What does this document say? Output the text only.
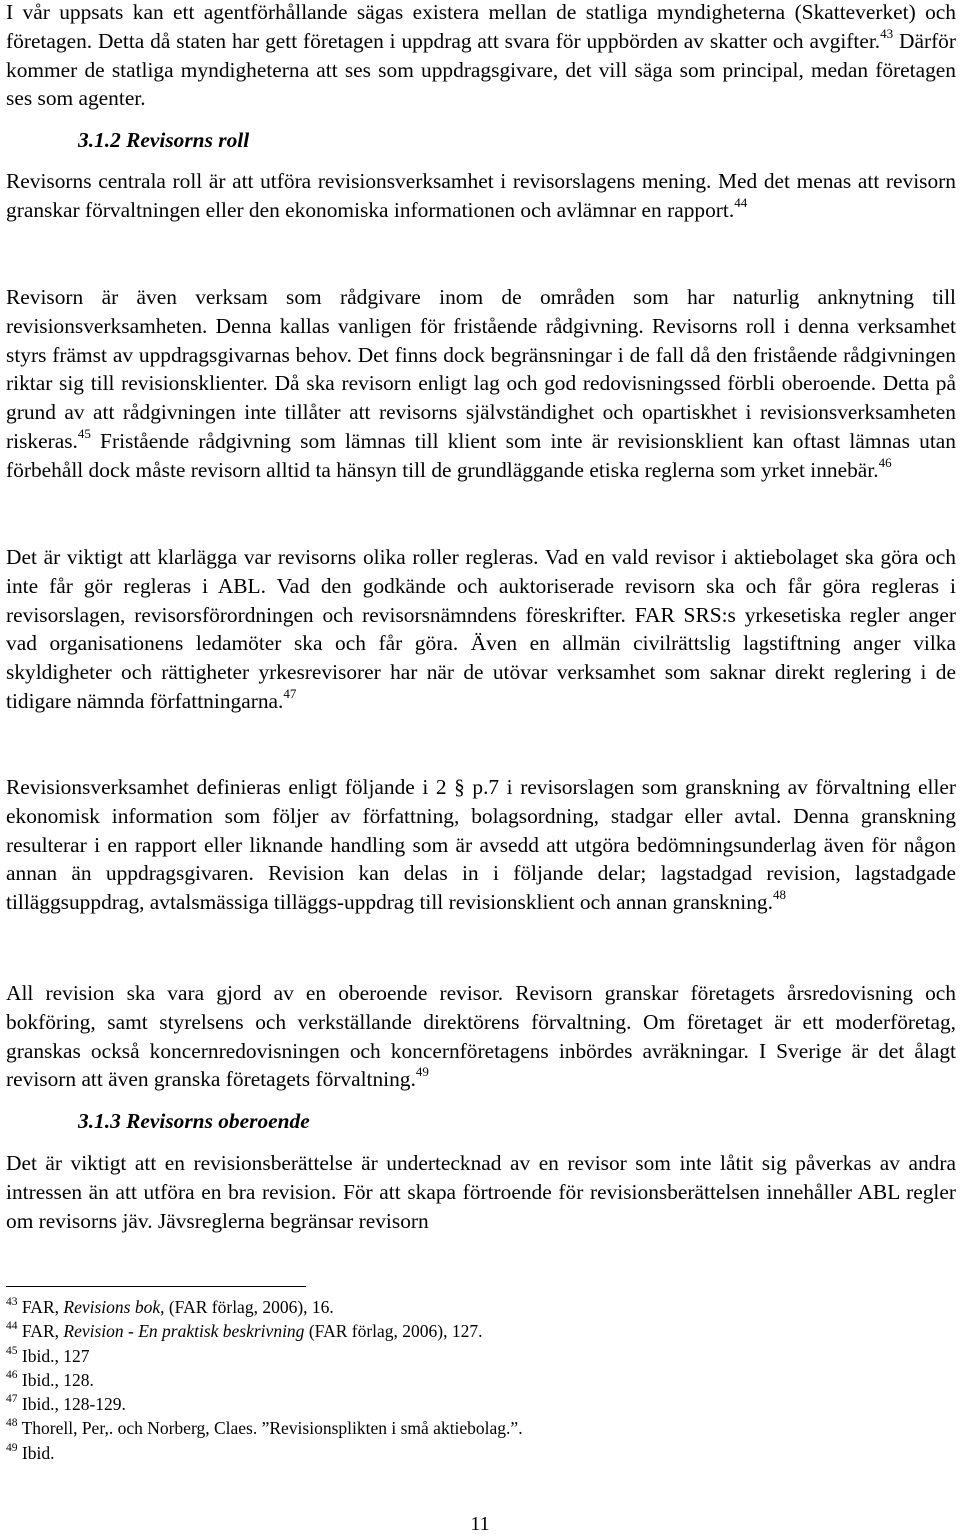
I vår uppsats kan ett agentförhållande sägas existera mellan de statliga myndigheterna (Skatteverket) och företagen. Detta då staten har gett företagen i uppdrag att svara för uppbörden av skatter och avgifter.$^{43}$ Därför kommer de statliga myndigheterna att ses som uppdragsgivare, det vill säga som principal, medan företagen ses som agenter.

3.1.2 Revisorns roll

Revisorns centrala roll är att utföra revisionsverksamhet i revisorslagens mening. Med det menas att revisorn granskar förvaltningen eller den ekonomiska informationen och avlämnar en rapport.$^{44}$

Revisorn är även verksam som rådgivare inom de områden som har naturlig anknytning till revisionsverksamheten. Denna kallas vanligen för fristående rådgivning. Revisorns roll i denna verksamhet styrs främst av uppdragsgivarnas behov. Det finns dock begränsningar i de fall då den fristående rådgivningen riktar sig till revisionsklienter. Då ska revisorn enligt lag och god redovisningssed förbli oberoende. Detta på grund av att rådgivningen inte tillåter att revisorns självständighet och opartiskhet i revisionsverksamheten riskeras.$^{45}$ Fristående rådgivning som lämnas till klient som inte är revisionsklient kan oftast lämnas utan förbehåll dock måste revisorn alltid ta hänsyn till de grundläggande etiska reglerna som yrket innebär.$^{46}$

Det är viktigt att klarlägga var revisorns olika roller regleras. Vad en vald revisor i aktiebolaget ska göra och inte får gör regleras i ABL. Vad den godkände och auktoriserade revisorn ska och får göra regleras i revisorslagen, revisorsförordningen och revisorsnämndens föreskrifter. FAR SRS:s yrkesetiska regler anger vad organisationens ledamöter ska och får göra. Även en allmän civilrättslig lagstiftning anger vilka skyldigheter och rättigheter yrkesrevisorer har när de utövar verksamhet som saknar direkt reglering i de tidigare nämnda författningarna.$^{47}$

Revisionsverksamhet definieras enligt följande i 2 § p.7 i revisorslagen som granskning av förvaltning eller ekonomisk information som följer av författning, bolagsordning, stadgar eller avtal. Denna granskning resulterar i en rapport eller liknande handling som är avsedd att utgöra bedömningsunderlag även för någon annan än uppdragsgivaren. Revision kan delas in i följande delar; lagstadgad revision, lagstadgade tilläggsuppdrag, avtalsmässiga tilläggs-uppdrag till revisionsklient och annan granskning.$^{48}$

All revision ska vara gjord av en oberoende revisor. Revisorn granskar företagets årsredovisning och bokföring, samt styrelsens och verkställande direktörens förvaltning. Om företaget är ett moderföretag, granskas också koncernredovisningen och koncernföretagens inbördes avräkningar. I Sverige är det ålagt revisorn att även granska företagets förvaltning.$^{49}$

3.1.3 Revisorns oberoende

Det är viktigt att en revisionsberättelse är undertecknad av en revisor som inte låtit sig påverkas av andra intressen än att utföra en bra revision. För att skapa förtroende för revisionsberättelsen innehåller ABL regler om revisorns jäv. Jävsreglerna begränsar revisorn

$^{43}$ FAR, Revisions bok, (FAR förlag, 2006), 16.

$^{44}$ FAR, Revision - En praktisk beskrivning (FAR förlag, 2006), 127.

$^{45}$ Ibid., 127

$^{46}$ Ibid., 128.

$^{47}$ Ibid., 128-129.

$^{48}$ Thorell, Per,. och Norberg, Claes. ”Revisionsplikten i små aktiebolag.”.

$^{49}$ Ibid.

11
